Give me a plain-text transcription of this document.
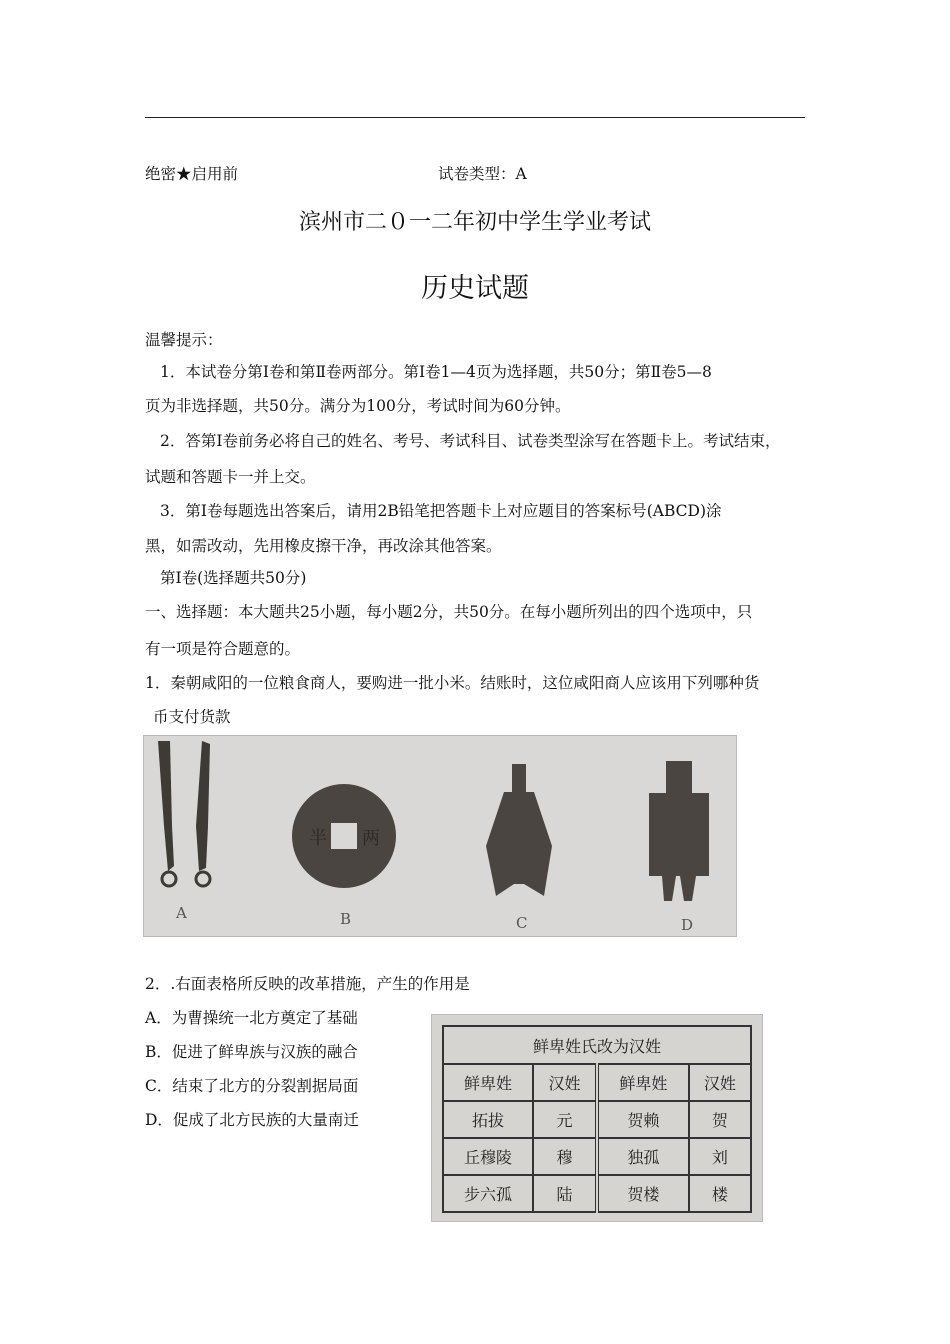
绝密★启用前	试卷类型：A
滨州市二０一二年初中学生学业考试
历史试题
温馨提示：
1．本试卷分第Ⅰ卷和第Ⅱ卷两部分。第Ⅰ卷1—4页为选择题，共50分；第Ⅱ卷5—8
页为非选择题，共50分。满分为100分，考试时间为60分钟。
2．答第Ⅰ卷前务必将自己的姓名、考号、考试科目、试卷类型涂写在答题卡上。考试结束，
试题和答题卡一并上交。
3．第Ⅰ卷每题选出答案后，请用2B铅笔把答题卡上对应题目的答案标号(ABCD)涂
黑，如需改动，先用橡皮擦干净，再改涂其他答案。
第Ⅰ卷(选择题共50分)
一、选择题：本大题共25小题，每小题2分，共50分。在每小题所列出的四个选项中，只
有一项是符合题意的。
1．秦朝咸阳的一位粮食商人，要购进一批小米。结账时，这位咸阳商人应该用下列哪种货
币支付货款
半 两
A	B	C	D
2．.右面表格所反映的改革措施，产生的作用是
A．为曹操统一北方奠定了基础
B．促进了鲜卑族与汉族的融合
C．结束了北方的分裂割据局面
D．促成了北方民族的大量南迁
鲜卑姓氏改为汉姓			
鲜卑姓	汉姓	鲜卑姓	汉姓
拓拔	元	贺赖	贺
丘穆陵	穆	独孤	刘
步六孤	陆	贺楼	楼
